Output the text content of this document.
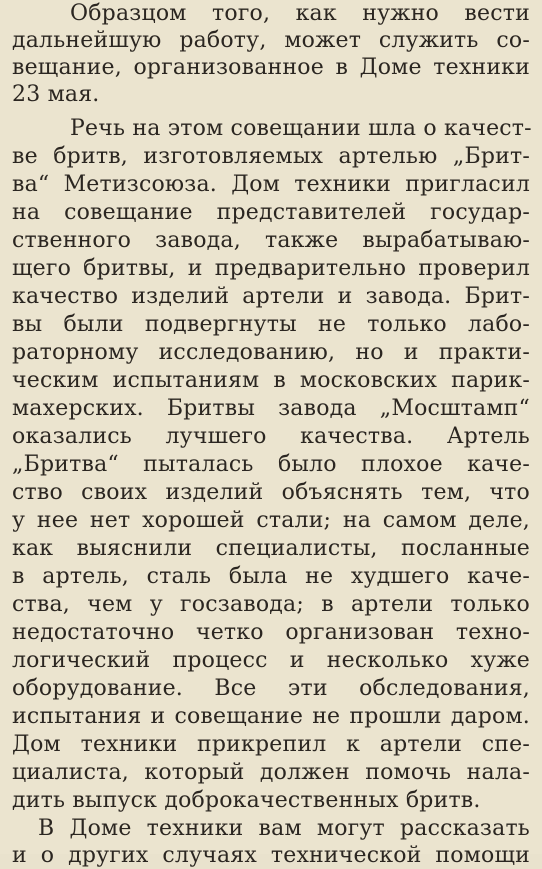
Образцом того, как нужно вести
дальнейшую работу, может служить со-
вещание, организованное в Доме техники
23 мая.
Речь на этом совещании шла о качест-
ве бритв, изготовляемых артелью „Брит-
ва“ Метизсоюза. Дом техники пригласил
на совещание представителей государ-
ственного завода, также вырабатываю-
щего бритвы, и предварительно проверил
качество изделий артели и завода. Брит-
вы были подвергнуты не только лабо-
раторному исследованию, но и практи-
ческим испытаниям в московских парик-
махерских. Бритвы завода „Мосштамп“
оказались лучшего качества. Артель
„Бритва“ пыталась было плохое каче-
ство своих изделий объяснять тем, что
у нее нет хорошей стали; на самом деле,
как выяснили специалисты, посланные
в артель, сталь была не худшего каче-
ства, чем у госзавода; в артели только
недостаточно четко организован техно-
логический процесс и несколько хуже
оборудование. Все эти обследования,
испытания и совещание не прошли даром.
Дом техники прикрепил к артели спе-
циалиста, который должен помочь нала-
дить выпуск доброкачественных бритв.
В Доме техники вам могут рассказать
и о других случаях технической помощи
